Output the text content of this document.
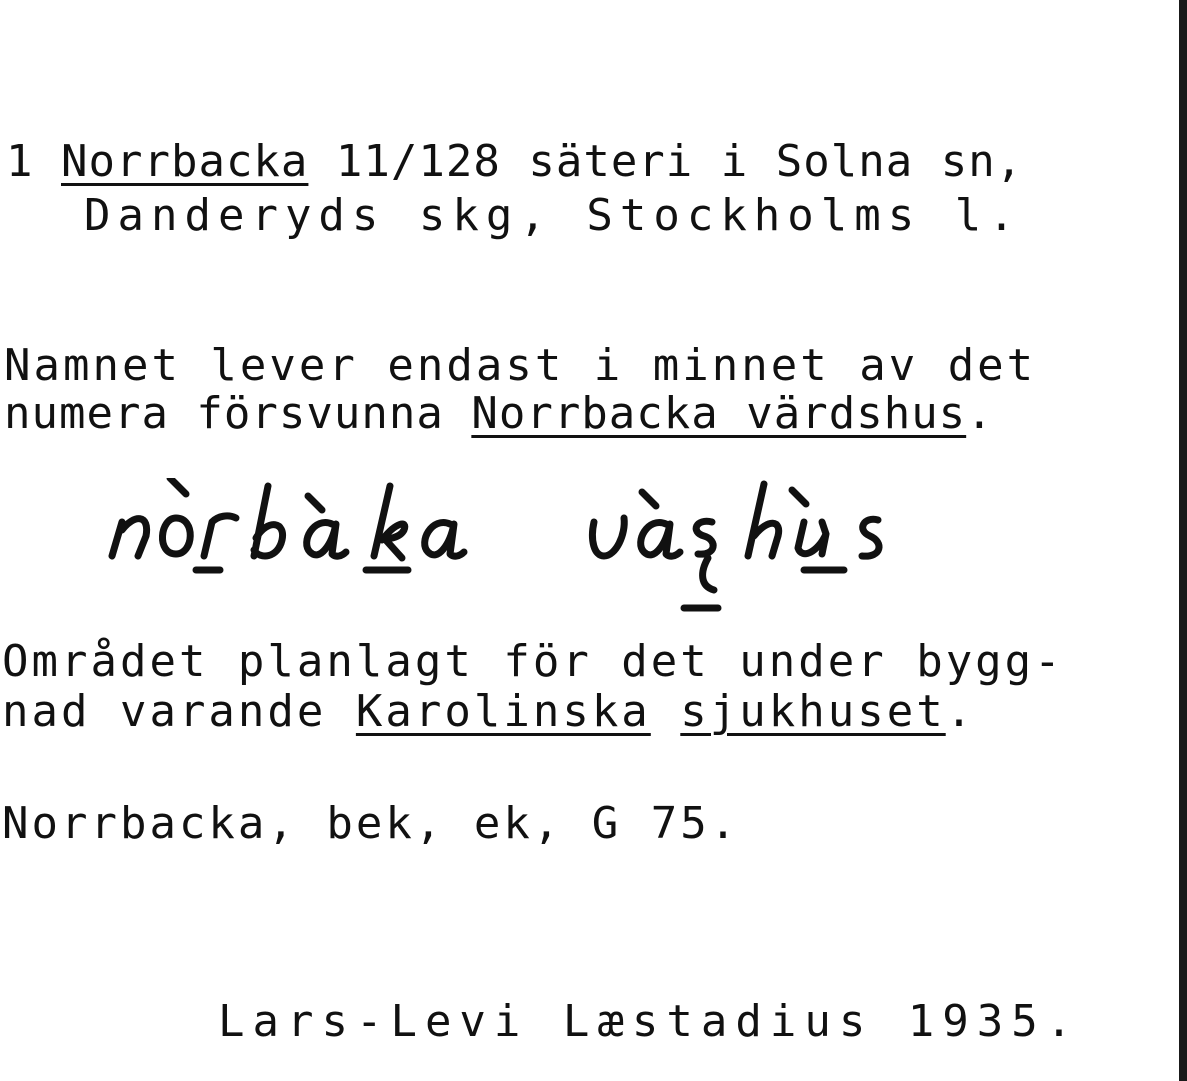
1 Norrbacka 11/128 säteri i Solna sn,
Danderyds skg, Stockholms l.
Namnet lever endast i minnet av det
numera försvunna Norrbacka värdshus.
Området planlagt för det under bygg-
nad varande Karolinska sjukhuset.
Norrbacka, bek, ek, G 75.
Lars-Levi Læstadius 1935.
